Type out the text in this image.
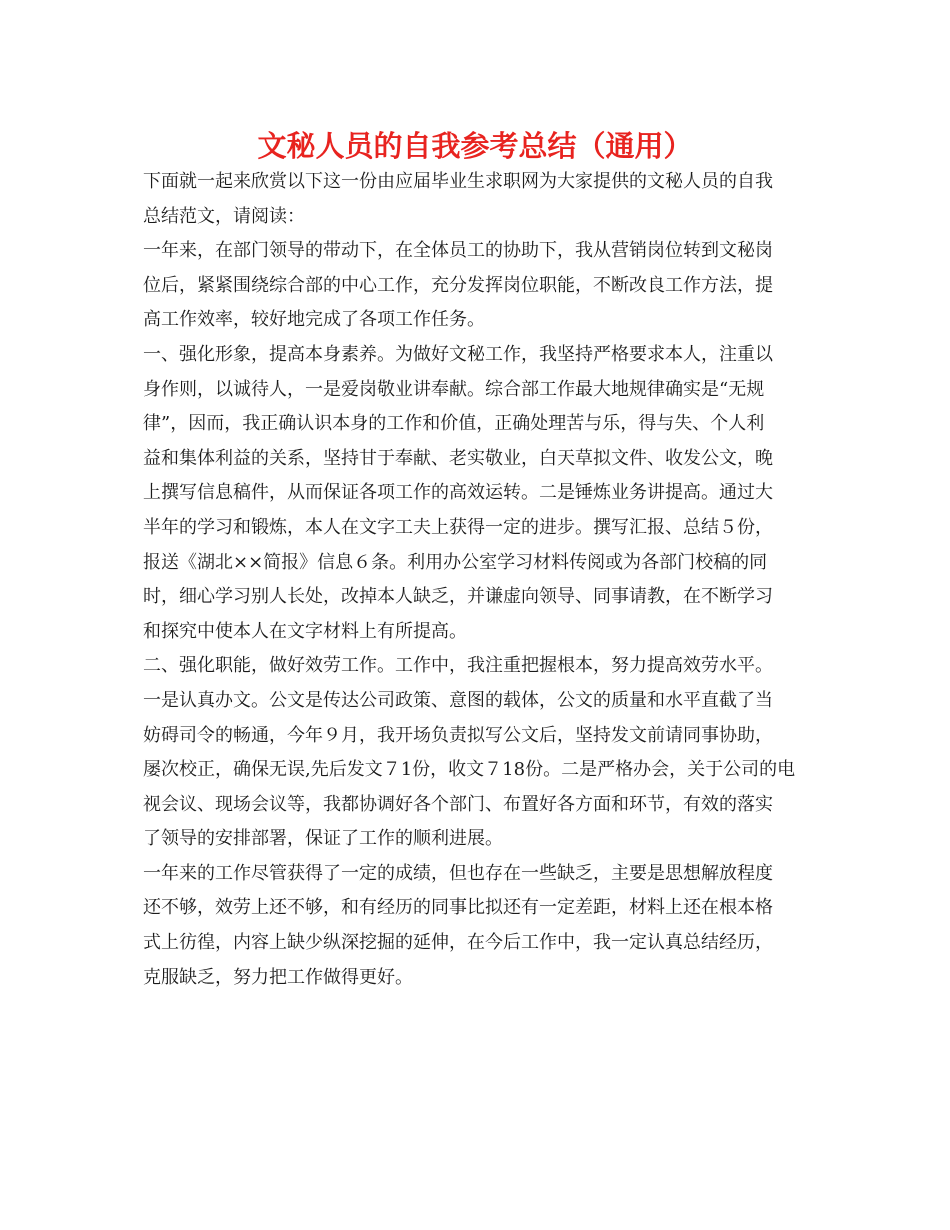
文秘人员的自我参考总结（通用）
下面就一起来欣赏以下这一份由应届毕业生求职网为大家提供的文秘人员的自我
总结范文，请阅读：
一年来，在部门领导的带动下，在全体员工的协助下，我从营销岗位转到文秘岗
位后，紧紧围绕综合部的中心工作，充分发挥岗位职能，不断改良工作方法，提
高工作效率，较好地完成了各项工作任务。
一、强化形象，提高本身素养。为做好文秘工作，我坚持严格要求本人，注重以
身作则，以诚待人，一是爱岗敬业讲奉献。综合部工作最大地规律确实是“无规
律”，因而，我正确认识本身的工作和价值，正确处理苦与乐，得与失、个人利
益和集体利益的关系，坚持甘于奉献、老实敬业，白天草拟文件、收发公文，晚
上撰写信息稿件，从而保证各项工作的高效运转。二是锤炼业务讲提高。通过大
半年的学习和锻炼，本人在文字工夫上获得一定的进步。撰写汇报、总结５份，
报送《湖北××简报》信息６条。利用办公室学习材料传阅或为各部门校稿的同
时，细心学习别人长处，改掉本人缺乏，并谦虚向领导、同事请教，在不断学习
和探究中使本人在文字材料上有所提高。
二、强化职能，做好效劳工作。工作中，我注重把握根本，努力提高效劳水平。
一是认真办文。公文是传达公司政策、意图的载体，公文的质量和水平直截了当
妨碍司令的畅通，今年９月，我开场负责拟写公文后，坚持发文前请同事协助，
屡次校正，确保无误,先后发文７1份，收文７18份。二是严格办会，关于公司的电
视会议、现场会议等，我都协调好各个部门、布置好各方面和环节，有效的落实
了领导的安排部署，保证了工作的顺利进展。
一年来的工作尽管获得了一定的成绩，但也存在一些缺乏，主要是思想解放程度
还不够，效劳上还不够，和有经历的同事比拟还有一定差距，材料上还在根本格
式上彷徨，内容上缺少纵深挖掘的延伸，在今后工作中，我一定认真总结经历，
克服缺乏，努力把工作做得更好。
